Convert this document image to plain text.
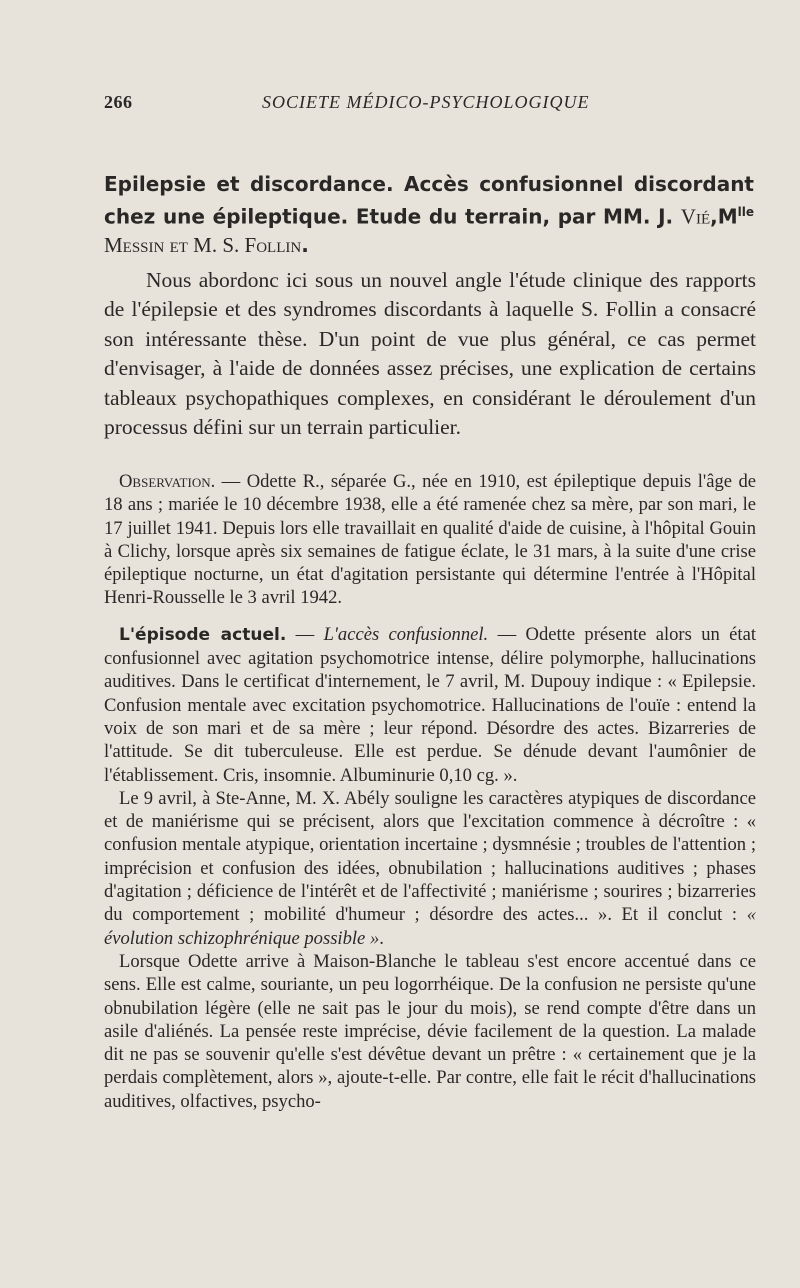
266	SOCIETE MÉDICO-PSYCHOLOGIQUE
Epilepsie et discordance. Accès confusionnel discordant chez une épileptique. Etude du terrain, par MM. J. $Vié,M^{lle}$ Messin et M. S. Follin.

Nous abordonc ici sous un nouvel angle l'étude clinique des rapports de l'épilepsie et des syndromes discordants à laquelle S. Follin a consacré son intéressante thèse. D'un point de vue plus général, ce cas permet d'envisager, à l'aide de données assez précises, une explication de certains tableaux psychopathiques complexes, en considérant le déroulement d'un processus défini sur un terrain particulier.

Observation. — Odette R., séparée G., née en 1910, est épileptique depuis l'âge de 18 ans ; mariée le 10 décembre 1938, elle a été ramenée chez sa mère, par son mari, le 17 juillet 1941. Depuis lors elle travaillait en qualité d'aide de cuisine, à l'hôpital Gouin à Clichy, lorsque après six semaines de fatigue éclate, le 31 mars, à la suite d'une crise épileptique nocturne, un état d'agitation persistante qui détermine l'entrée à l'Hôpital Henri-Rousselle le 3 avril 1942.

L'épisode actuel. — L'accès confusionnel. — Odette présente alors un état confusionnel avec agitation psychomotrice intense, délire polymorphe, hallucinations auditives. Dans le certificat d'internement, le 7 avril, M. Dupouy indique : « Epilepsie. Confusion mentale avec excitation psychomotrice. Hallucinations de l'ouïe : entend la voix de son mari et de sa mère ; leur répond. Désordre des actes. Bizarreries de l'attitude. Se dit tuberculeuse. Elle est perdue. Se dénude devant l'aumônier de l'établissement. Cris, insomnie. Albuminurie 0,10 cg. ».

Le 9 avril, à Ste-Anne, M. X. Abély souligne les caractères atypiques de discordance et de maniérisme qui se précisent, alors que l'excitation commence à décroître : « confusion mentale atypique, orientation incertaine ; dysmnésie ; troubles de l'attention ; imprécision et confusion des idées, obnubilation ; hallucinations auditives ; phases d'agitation ; déficience de l'intérêt et de l'affectivité ; maniérisme ; sourires ; bizarreries du comportement ; mobilité d'humeur ; désordre des actes... ». Et il conclut : « évolution schizophrénique possible ».

Lorsque Odette arrive à Maison-Blanche le tableau s'est encore accentué dans ce sens. Elle est calme, souriante, un peu logorrhéique. De la confusion ne persiste qu'une obnubilation légère (elle ne sait pas le jour du mois), se rend compte d'être dans un asile d'aliénés. La pensée reste imprécise, dévie facilement de la question. La malade dit ne pas se souvenir qu'elle s'est dévêtue devant un prêtre : « certainement que je la perdais complètement, alors », ajoute-t-elle. Par contre, elle fait le récit d'hallucinations auditives, olfactives, psycho-
